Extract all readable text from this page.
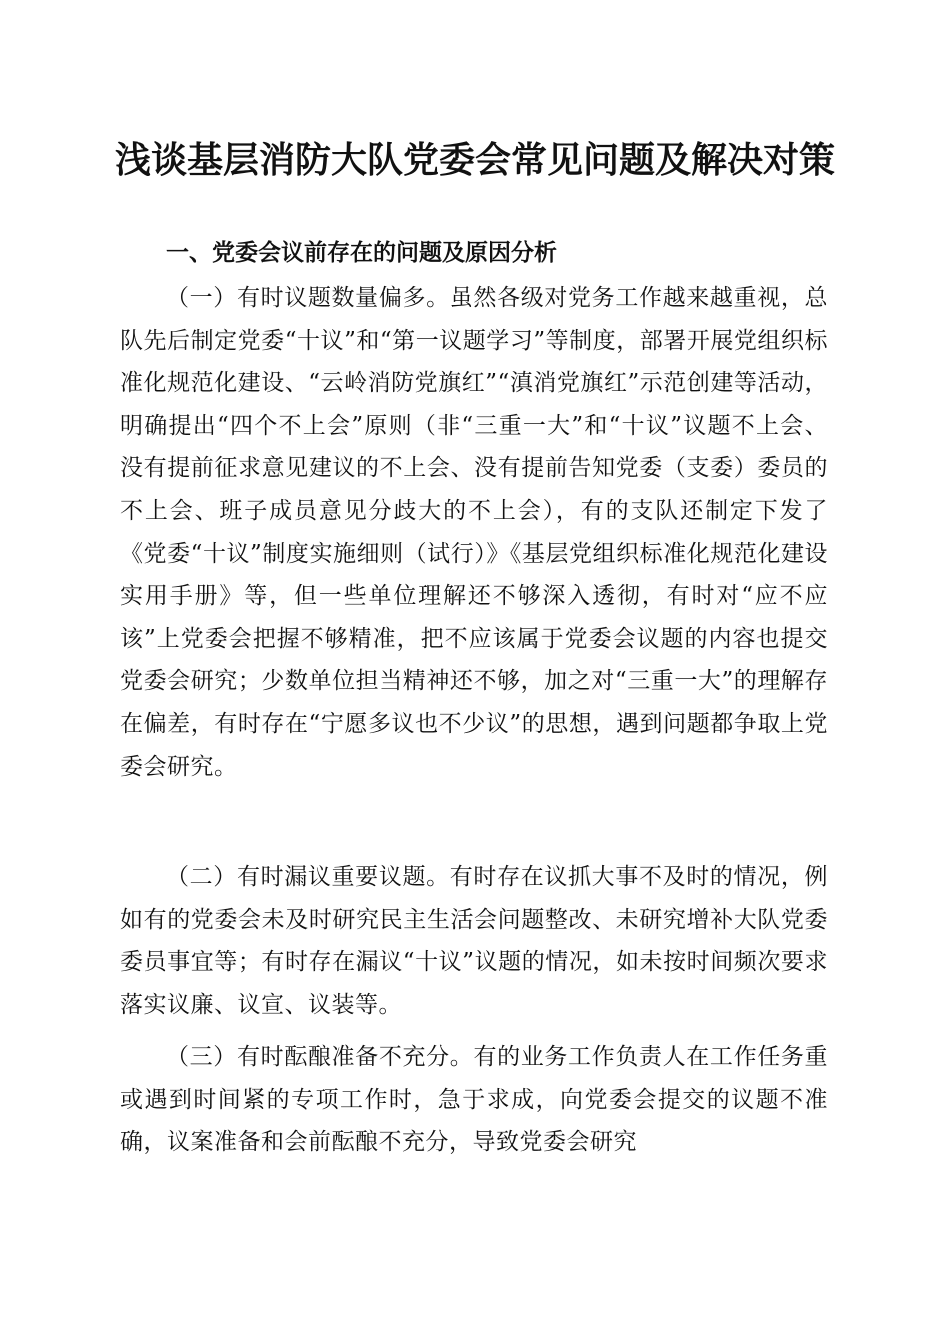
浅谈基层消防大队党委会常见问题及解决对策
一、党委会议前存在的问题及原因分析

（一）有时议题数量偏多。虽然各级对党务工作越来越重视，总队先后制定党委“十议”和“第一议题学习”等制度，部署开展党组织标准化规范化建设、“云岭消防党旗红”“滇消党旗红”示范创建等活动，明确提出“四个不上会”原则（非“三重一大”和“十议”议题不上会、没有提前征求意见建议的不上会、没有提前告知党委（支委）委员的不上会、班子成员意见分歧大的不上会），有的支队还制定下发了《党委“十议”制度实施细则（试行）》《基层党组织标准化规范化建设实用手册》等，但一些单位理解还不够深入透彻，有时对“应不应该”上党委会把握不够精准，把不应该属于党委会议题的内容也提交党委会研究；少数单位担当精神还不够，加之对“三重一大”的理解存在偏差，有时存在“宁愿多议也不少议”的思想，遇到问题都争取上党委会研究。

（二）有时漏议重要议题。有时存在议抓大事不及时的情况，例如有的党委会未及时研究民主生活会问题整改、未研究增补大队党委委员事宜等；有时存在漏议“十议”议题的情况，如未按时间频次要求落实议廉、议宣、议装等。

（三）有时酝酿准备不充分。有的业务工作负责人在工作任务重或遇到时间紧的专项工作时，急于求成，向党委会提交的议题不准确，议案准备和会前酝酿不充分，导致党委会研究
